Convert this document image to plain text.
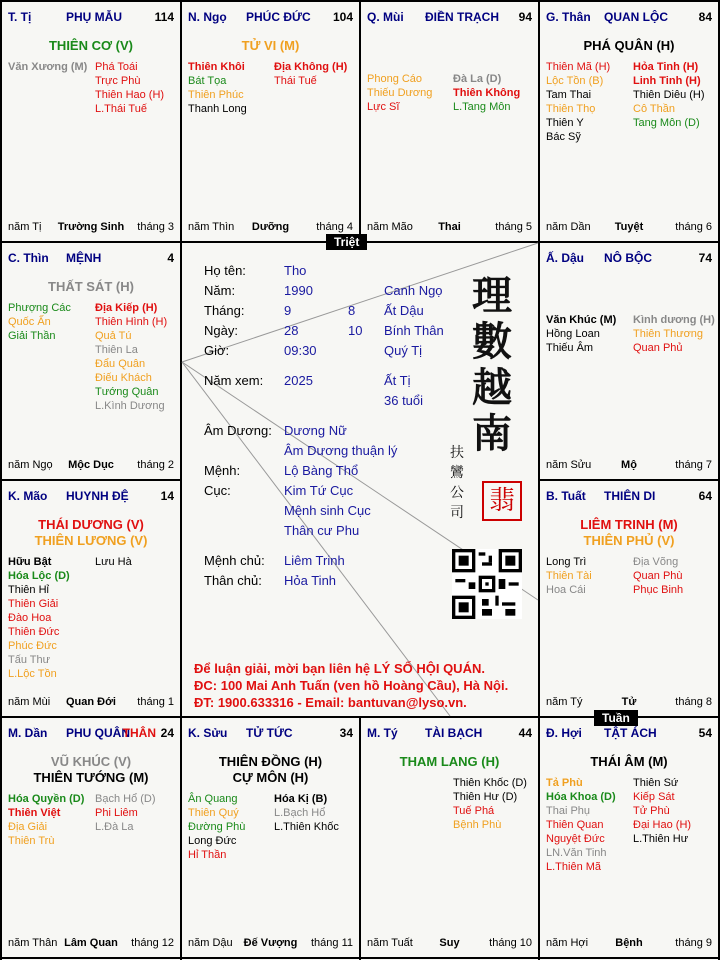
T. Tị	PHỤ MẪU	114
THIÊN CƠ (V)
Văn Xương (M) Phá Toái
Trực Phù
Thiên Hao (H)
L.Thái Tuế
năm Tị	Trường Sinh	tháng 3
N. Ngọ PHÚC ĐỨC 104
TỬ VI (M)
Thiên Khôi
Bát Tọa
Thiên Phúc
Thanh Long
Địa Không (H)
Thái Tuế
năm Thìn	Dưỡng	tháng 4
Q. Mùi ĐIỀN TRẠCH 94
Phong Cáo
Thiếu Dương
Lực Sĩ
Đà La (D)
Thiên Không
L.Tang Môn
năm Mão	Thai	tháng 5
G. Thân QUAN LỘC	84
PHÁ QUÂN (H)
Thiên Mã (H)
Lộc Tồn (B)
Tam Thai
Thiên Thọ
Thiên Y
Bác Sỹ
Hỏa Tinh (H)
Linh Tinh (H)
Thiên Diêu (H)
Cô Thần
Tang Môn (D)
năm Dần	Tuyệt	tháng 6
C. Thìn MỆNH	4
THẤT SÁT (H)
Phượng Các
Quốc Ấn
Giải Thần
Địa Kiếp (H)
Thiên Hình (H)
Quả Tú
Thiên La
Đẩu Quân
Điếu Khách
Tướng Quân
L.Kình Dương
năm Ngọ	Mộc Dục	tháng 2
Ấ. Dậu NÔ BỘC	74
Văn Khúc (M)
Hồng Loan
Thiếu Âm
Kình dương (H)
Thiên Thương
Quan Phủ
năm Sửu	Mộ	tháng 7
K. Mão HUYNH ĐỆ	14
THÁI DƯƠNG (V)
THIÊN LƯƠNG (V)
Hữu Bật
Hóa Lộc (D)
Thiên Hỉ
Thiên Giải
Đào Hoa
Thiên Đức
Phúc Đức
Tấu Thư
L.Lộc Tồn
Lưu Hà
năm Mùi	Quan Đới	tháng 1
B. Tuất THIÊN DI	64
LIÊM TRINH (M)
THIÊN PHỦ (V)
Long Trì
Thiên Tài
Hoa Cái
Địa Võng
Quan Phù
Phục Binh
năm Tý	Tử	tháng 8
M. Dần PHU QUÂN
THÂN 24
VŨ KHÚC (V)
THIÊN TƯỚNG (M)
Hóa Quyền (D)
Thiên Việt
Địa Giải
Thiên Trù
Bạch Hổ (D)
Phi Liêm
L.Đà La
năm Thân Lâm Quan	tháng 12
K. Sửu TỬ TỨC	34
THIÊN ĐỒNG (H)
CỰ MÔN (H)
Ân Quang
Thiên Quý
Đường Phù
Long Đức
Hỉ Thần
Hóa Kị (B)
L.Bạch Hổ
L.Thiên Khốc
năm Dậu	Đế Vượng	tháng 11
M. Tý TÀI BẠCH	44
THAM LANG (H)
Thiên Khốc (D)
Thiên Hư (D)
Tuế Phá
Bệnh Phù
năm Tuất	Suy	tháng 10
Đ. Hợi TẬT ÁCH	54
THÁI ÂM (M)
Tả Phù
Hóa Khoa (D)
Thai Phụ
Thiên Quan
Nguyệt Đức
LN.Văn Tinh
L.Thiên Mã
Thiên Sứ
Kiếp Sát
Tử Phù
Đại Hao (H)
L.Thiên Hư
năm Hợi	Bệnh	tháng 9
Họ tên:	Tho
Năm:	1990	Canh Ngọ
Tháng:	9	8 Ất Dậu
Ngày:	28	10 Bính Thân
Giờ:	09:30	Quý Tị
Năm xem: 2025	Ất Tị
36 tuổi
Âm Dương: Dương Nữ
Âm Dương thuận lý
Mệnh:	Lộ Bàng Thổ
Cục:	Kim Tứ Cục
Mệnh sinh Cục
Thân cư Phu
Mệnh chủ: Liêm Trinh
Thân chủ: Hỏa Tinh
理
數
越
南
扶
鸞
公
司 翡
Để luận giải, mời bạn liên hệ LÝ SỐ HỘI QUÁN.
ĐC: 100 Mai Anh Tuấn (ven hồ Hoàng Cầu), Hà Nội.
ĐT: 1900.633316 - Email: bantuvan@lyso.vn.
Triệt
Tuần
